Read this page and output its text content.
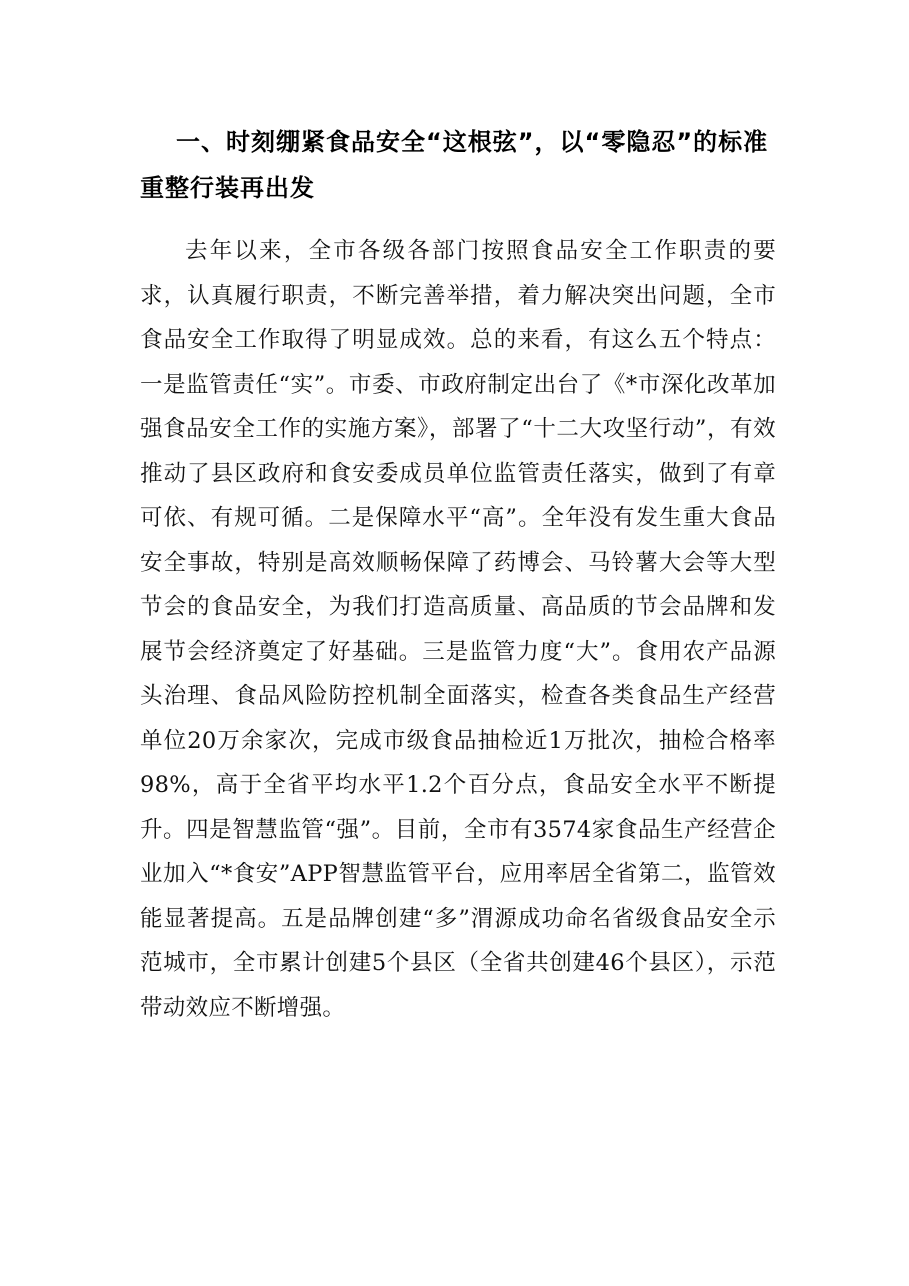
一、时刻绷紧食品安全“这根弦”，以“零隐忍”的标准重整行装再出发

去年以来，全市各级各部门按照食品安全工作职责的要求，认真履行职责，不断完善举措，着力解决突出问题，全市食品安全工作取得了明显成效。总的来看，有这么五个特点：一是监管责任“实”。市委、市政府制定出台了《*市深化改革加强食品安全工作的实施方案》，部署了“十二大攻坚行动”，有效推动了县区政府和食安委成员单位监管责任落实，做到了有章可依、有规可循。二是保障水平“高”。全年没有发生重大食品安全事故，特别是高效顺畅保障了药博会、马铃薯大会等大型节会的食品安全，为我们打造高质量、高品质的节会品牌和发展节会经济奠定了好基础。三是监管力度“大”。食用农产品源头治理、食品风险防控机制全面落实，检查各类食品生产经营单位20万余家次，完成市级食品抽检近1万批次，抽检合格率98%，高于全省平均水平1.2个百分点，食品安全水平不断提升。四是智慧监管“强”。目前，全市有3574家食品生产经营企业加入“*食安”APP智慧监管平台，应用率居全省第二，监管效能显著提高。五是品牌创建“多”渭源成功命名省级食品安全示范城市，全市累计创建5个县区（全省共创建46个县区），示范带动效应不断增强。
